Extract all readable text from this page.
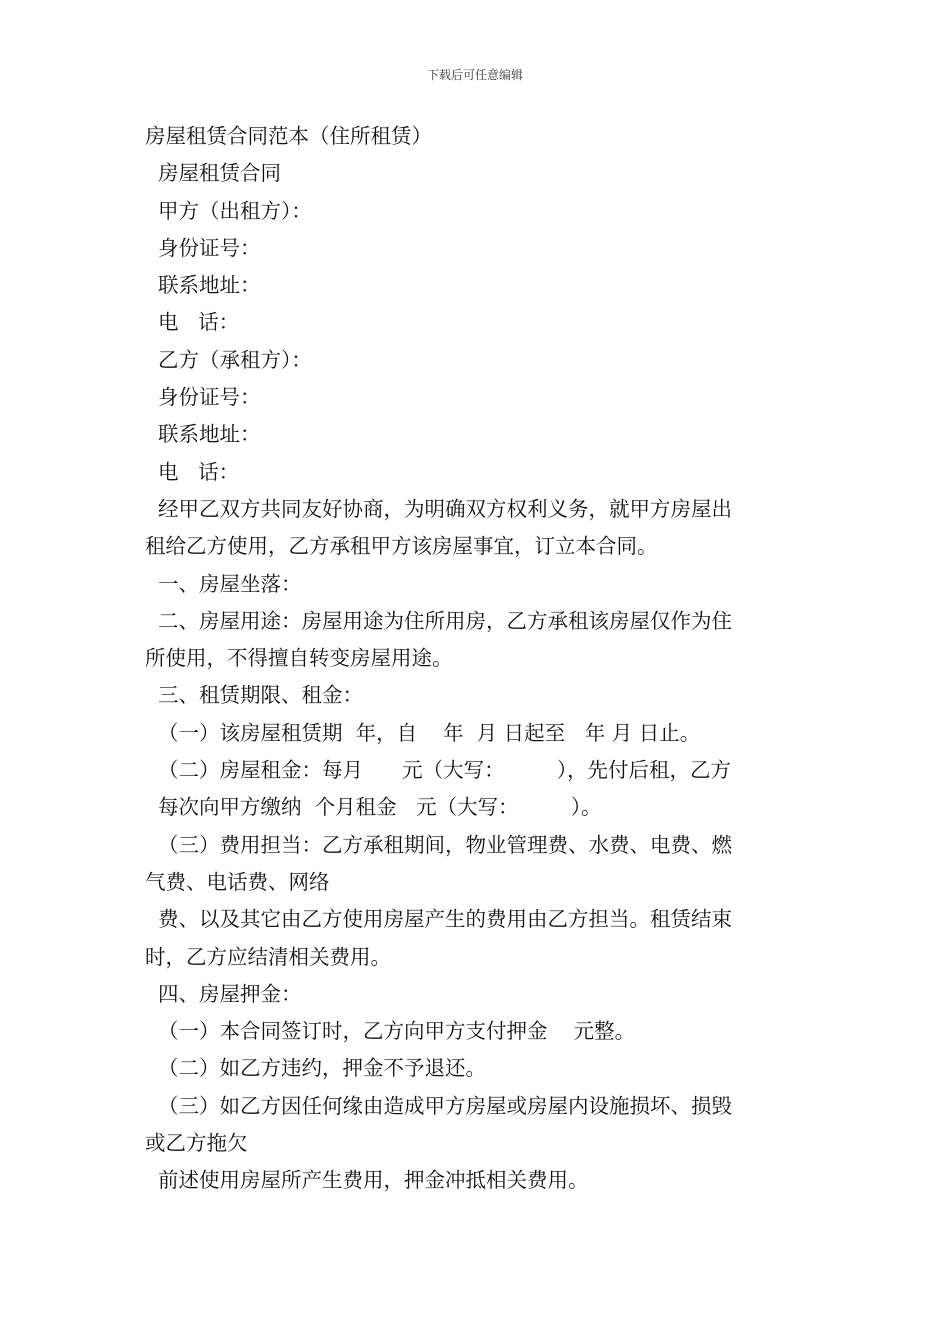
下载后可任意编辑
房屋租赁合同范本（住所租赁）
房屋租赁合同
甲方（出租方）：
身份证号：
联系地址：
电   话：
乙方（承租方）：
身份证号：
联系地址：
电   话：
经甲乙双方共同友好协商，为明确双方权利义务，就甲方房屋出
租给乙方使用，乙方承租甲方该房屋事宜，订立本合同。
一、房屋坐落：
二、房屋用途：房屋用途为住所用房，乙方承租该房屋仅作为住
所使用，不得擅自转变房屋用途。
三、租赁期限、租金：
（一）该房屋租赁期  年，自    年  月 日起至   年 月 日止。
（二）房屋租金：每月      元（大写：        ），先付后租，乙方
每次向甲方缴纳  个月租金   元（大写：        ）。
（三）费用担当：乙方承租期间，物业管理费、水费、电费、燃
气费、电话费、网络
费、以及其它由乙方使用房屋产生的费用由乙方担当。租赁结束
时，乙方应结清相关费用。
四、房屋押金：
（一）本合同签订时，乙方向甲方支付押金    元整。
（二）如乙方违约，押金不予退还。
（三）如乙方因任何缘由造成甲方房屋或房屋内设施损坏、损毁
或乙方拖欠
前述使用房屋所产生费用，押金冲抵相关费用。
